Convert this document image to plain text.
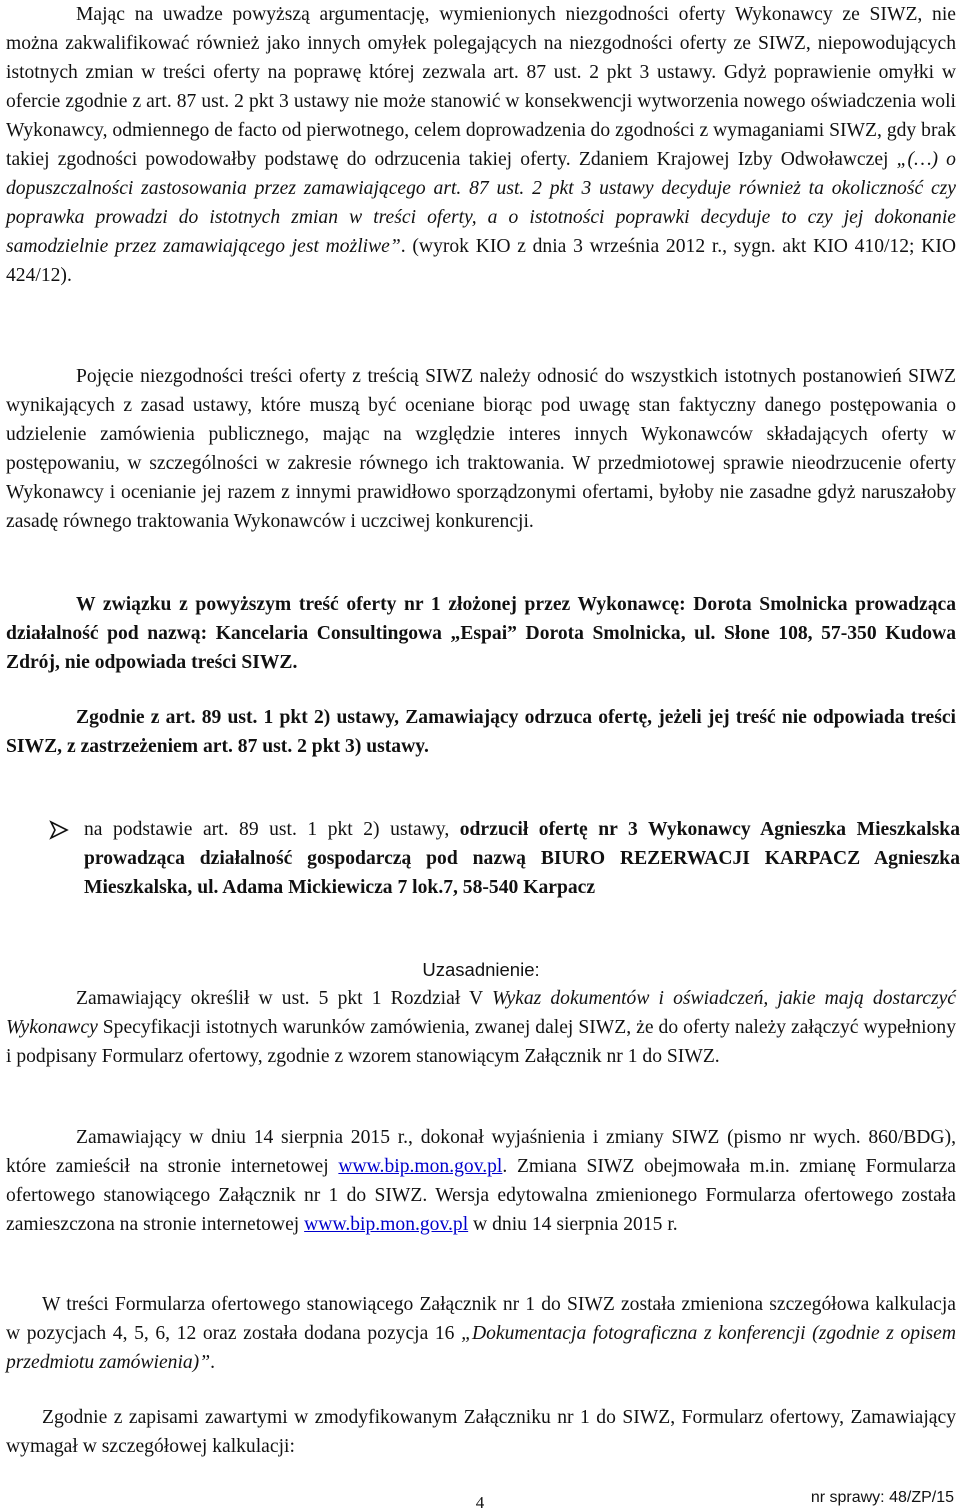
Mając na uwadze powyższą argumentację, wymienionych niezgodności oferty Wykonawcy ze SIWZ, nie można zakwalifikować również jako innych omyłek polegających na niezgodności oferty ze SIWZ, niepowodujących istotnych zmian w treści oferty na poprawę której zezwala art. 87 ust. 2 pkt 3 ustawy. Gdyż poprawienie omyłki w ofercie zgodnie z art. 87 ust. 2 pkt 3 ustawy nie może stanowić w konsekwencji wytworzenia nowego oświadczenia woli Wykonawcy, odmiennego de facto od pierwotnego, celem doprowadzenia do zgodności z wymaganiami SIWZ, gdy brak takiej zgodności powodowałby podstawę do odrzucenia takiej oferty. Zdaniem Krajowej Izby Odwoławczej „(…) o dopuszczalności zastosowania przez zamawiającego art. 87 ust. 2 pkt 3 ustawy decyduje również ta okoliczność czy poprawka prowadzi do istotnych zmian w treści oferty, a o istotności poprawki decyduje to czy jej dokonanie samodzielnie przez zamawiającego jest możliwe”. (wyrok KIO z dnia 3 września 2012 r., sygn. akt KIO 410/12; KIO 424/12).

Pojęcie niezgodności treści oferty z treścią SIWZ należy odnosić do wszystkich istotnych postanowień SIWZ wynikających z zasad ustawy, które muszą być oceniane biorąc pod uwagę stan faktyczny danego postępowania o udzielenie zamówienia publicznego, mając na względzie interes innych Wykonawców składających oferty w postępowaniu, w szczególności w zakresie równego ich traktowania. W przedmiotowej sprawie nieodrzucenie oferty Wykonawcy i ocenianie jej razem z innymi prawidłowo sporządzonymi ofertami, byłoby nie zasadne gdyż naruszałoby zasadę równego traktowania Wykonawców i uczciwej konkurencji.

W związku z powyższym treść oferty nr 1 złożonej przez Wykonawcę: Dorota Smolnicka prowadząca działalność pod nazwą: Kancelaria Consultingowa „Espai” Dorota Smolnicka, ul. Słone 108, 57-350 Kudowa Zdrój, nie odpowiada treści SIWZ.

Zgodnie z art. 89 ust. 1 pkt 2) ustawy, Zamawiający odrzuca ofertę, jeżeli jej treść nie odpowiada treści SIWZ, z zastrzeżeniem art. 87 ust. 2 pkt 3) ustawy.

na podstawie art. 89 ust. 1 pkt 2) ustawy, odrzucił ofertę nr 3 Wykonawcy Agnieszka Mieszkalska prowadząca działalność gospodarczą pod nazwą BIURO REZERWACJI KARPACZ Agnieszka Mieszkalska, ul. Adama Mickiewicza 7 lok.7, 58-540 Karpacz

Uzasadnienie:

Zamawiający określił w ust. 5 pkt 1 Rozdział V Wykaz dokumentów i oświadczeń, jakie mają dostarczyć Wykonawcy Specyfikacji istotnych warunków zamówienia, zwanej dalej SIWZ, że do oferty należy załączyć wypełniony i podpisany Formularz ofertowy, zgodnie z wzorem stanowiącym Załącznik nr 1 do SIWZ.

Zamawiający w dniu 14 sierpnia 2015 r., dokonał wyjaśnienia i zmiany SIWZ (pismo nr wych. 860/BDG), które zamieścił na stronie internetowej www.bip.mon.gov.pl. Zmiana SIWZ obejmowała m.in. zmianę Formularza ofertowego stanowiącego Załącznik nr 1 do SIWZ. Wersja edytowalna zmienionego Formularza ofertowego została zamieszczona na stronie internetowej www.bip.mon.gov.pl w dniu 14 sierpnia 2015 r.

W treści Formularza ofertowego stanowiącego Załącznik nr 1 do SIWZ została zmieniona szczegółowa kalkulacja w pozycjach 4, 5, 6, 12 oraz została dodana pozycja 16 „Dokumentacja fotograficzna z konferencji (zgodnie z opisem przedmiotu zamówienia)”.

Zgodnie z zapisami zawartymi w zmodyfikowanym Załączniku nr 1 do SIWZ, Formularz ofertowy, Zamawiający wymagał w szczegółowej kalkulacji:

nr sprawy: 48/ZP/15
4
